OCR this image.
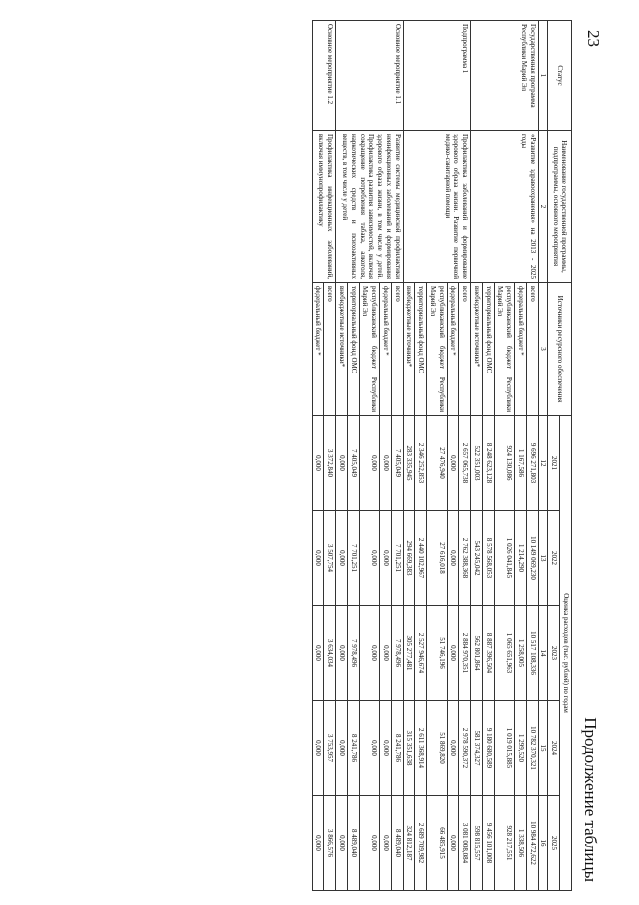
23
Продолжение таблицы
Статус	Наименование государственной программы, подпрограммы, основного мероприятия	Источники ресурсного обеспечения	Оценка расходов (тыс. рублей) по годам				
			2021	2022	2023	2024	2025
1	2	3	12	13	14	15	16
Государственная программа Республики Марий Эл	«Развитие здравоохранения» на 2013 - 2025 годы	всего	9 696 271,803	10 149 069,230	10 517 108,336	10 782 370,321	10 984 472,622
		федеральный бюджет *	1 167,586	1 214,290	1 258,005	1 299,520	1 338,506
		республиканский бюджет Республики Марий Эл	924 130,086	1 026 041,845	1 065 651,963	1 019 015,885	928 217,551
		территориальный фонд ОМС	8 248 623,128	8 578 568,053	8 887 396,504	9 180 680,589	9 456 101,008
		внебюджетные источники*	522 351,003	543 245,042	562 801,864	581 374,327	598 815,557
Подпрограмма 1	Профилактика заболеваний и формирование здорового образа жизни. Развитие первичной медико-санитарной помощи	всего	2 657 065,738	2 762 388,368	2 884 970,351	2 978 590,372	3 081 008,084
		федеральный бюджет *	0,000	0,000	0,000	0,000	0,000
		республиканский бюджет Республики Марий Эл	27 476,940	27 616,018	51 746,196	51 869,820	66 485,915
		территориальный фонд ОМС	2 346 252,853	2 440 102,967	2 527 946,674	2 611 368,914	2 689 709,982
		внебюджетные источники*	283 335,945	294 669,383	305 277,481	315 351,638	324 812,187
Основное мероприятие 1.1	Развитие системы медицинской профилактики неинфекционных заболеваний и формирования здорового образа жизни, в том числе у детей. Профилактика развития зависимостей, включая сокращение потребления табака, алкоголя, наркотических средств и психоактивных веществ, в том числе у детей	всего	7 405,049	7 701,251	7 978,496	8 241,786	8 489,040
		федеральный бюджет *	0,000	0,000	0,000	0,000	0,000
		республиканский бюджет Республики Марий Эл	0,000	0,000	0,000	0,000	0,000
		территориальный фонд ОМС	7 405,049	7 701,251	7 978,496	8 241,786	8 489,040
		внебюджетные источники*	0,000	0,000	0,000	0,000	0,000
Основное мероприятие 1.2	Профилактика инфекционных заболеваний, включая иммунопрофилактику	всего	3 372,840	3 507,754	3 634,034	3 753,957	3 866,576
		федеральный бюджет *	0,000	0,000	0,000	0,000	0,000
